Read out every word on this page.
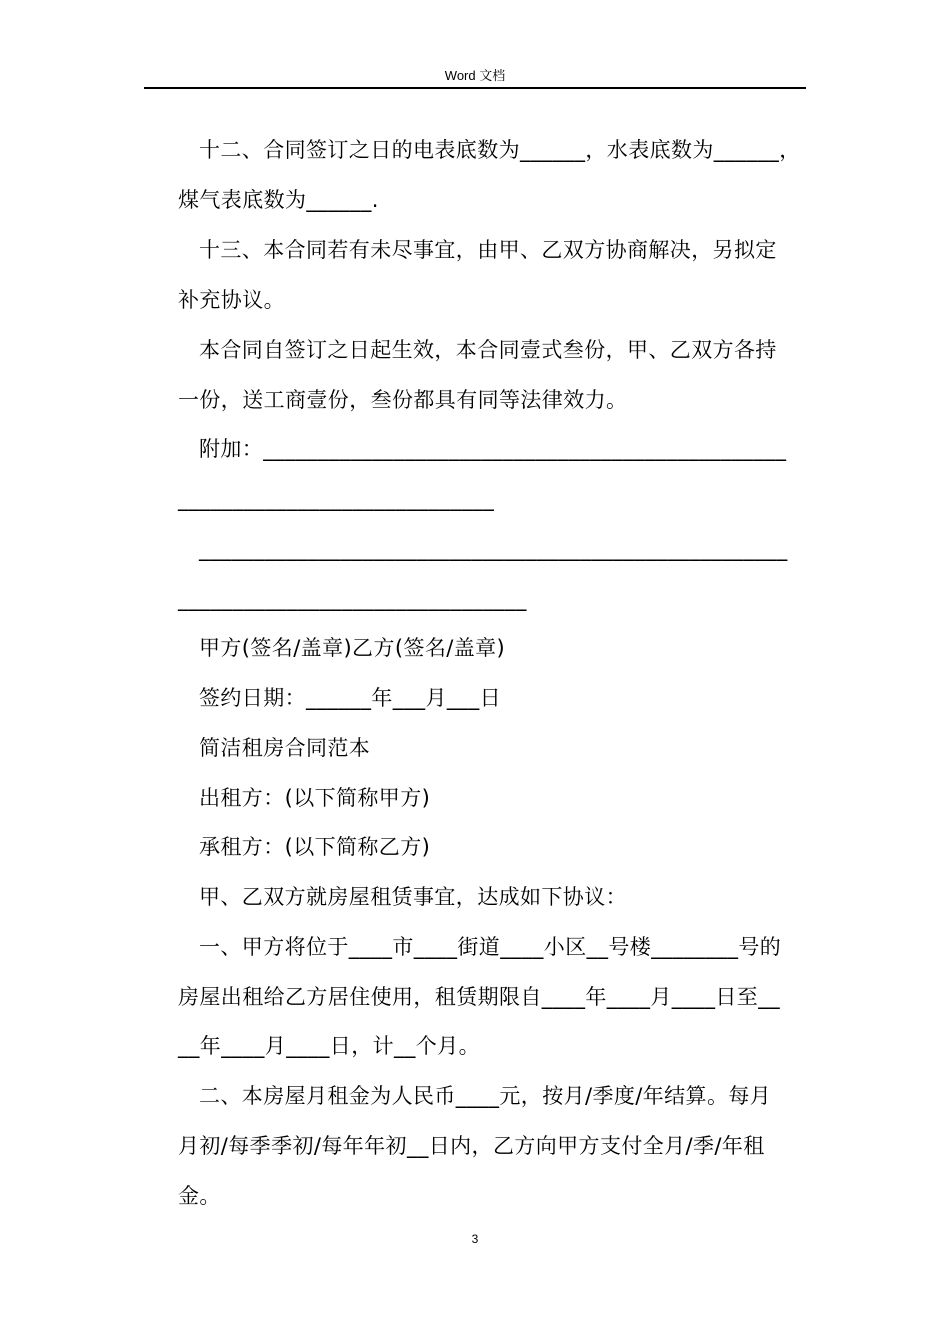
Word 文档
十二、合同签订之日的电表底数为______，水表底数为______，
煤气表底数为______.
十三、本合同若有未尽事宜，由甲、乙双方协商解决，另拟定
补充协议。
本合同自签订之日起生效，本合同壹式叁份，甲、乙双方各持
一份，送工商壹份，叁份都具有同等法律效力。
附加：________________________________________________
_____________________________
______________________________________________________
________________________________
甲方(签名/盖章)乙方(签名/盖章)
签约日期：______年___月___日
简洁租房合同范本
出租方：(以下简称甲方)
承租方：(以下简称乙方)
甲、乙双方就房屋租赁事宜，达成如下协议：
一、甲方将位于____市____街道____小区__号楼________号的
房屋出租给乙方居住使用，租赁期限自____年____月____日至__
__年____月____日，计__个月。
二、本房屋月租金为人民币____元，按月/季度/年结算。每月
月初/每季季初/每年年初__日内，乙方向甲方支付全月/季/年租
金。
3
